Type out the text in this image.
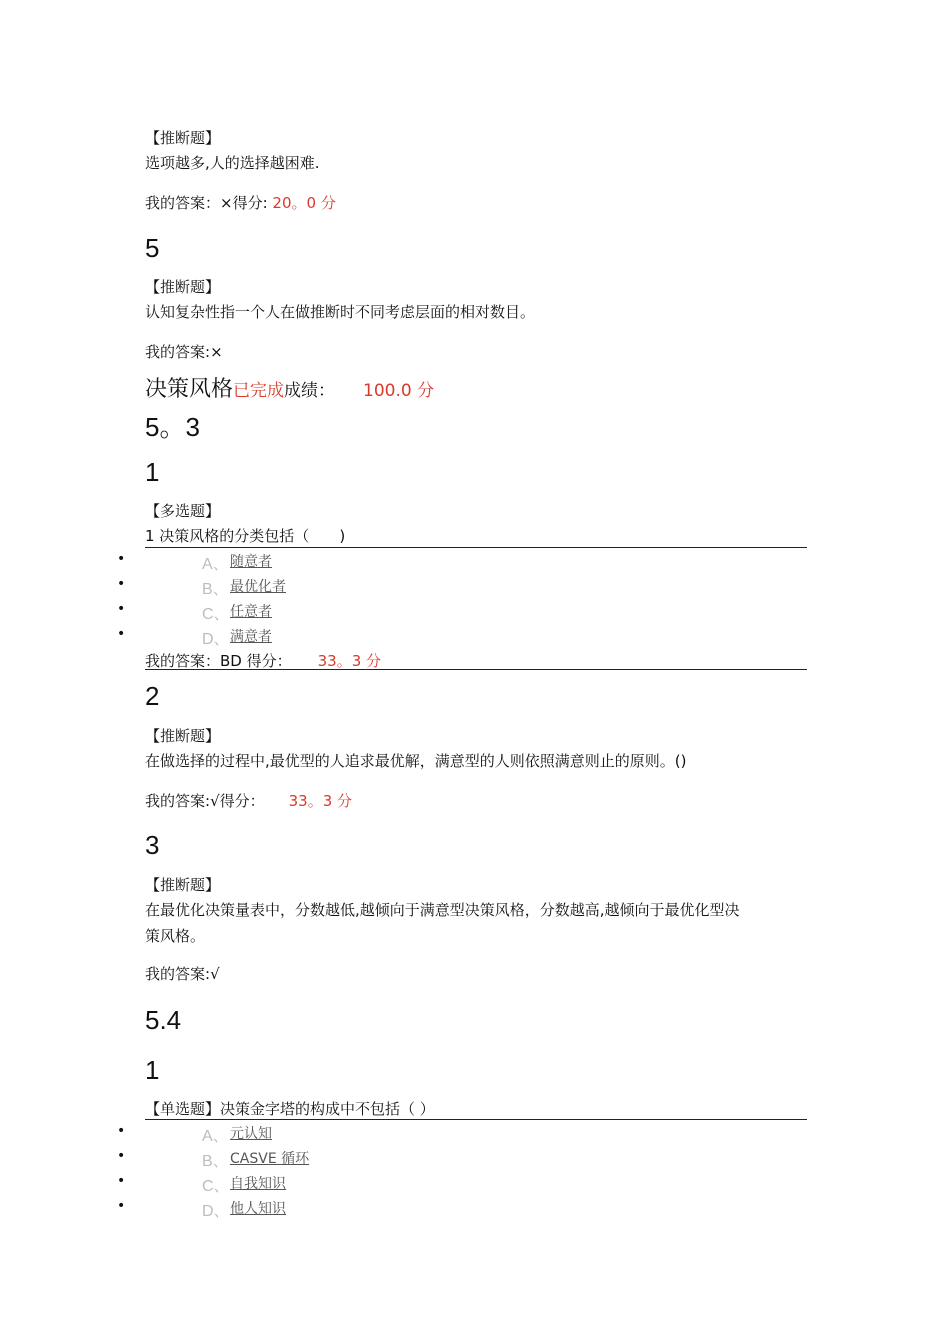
【推断题】
选项越多,人的选择越困难.
我的答案：×得分: 20。0 分
5
【推断题】
认知复杂性指一个人在做推断时不同考虑层面的相对数目。
我的答案:×
决策风格已完成成绩： 100.0 分
5。3
1
【多选题】
1 决策风格的分类包括（　　)
•	A、 随意者
•	B、 最优化者
•	C、 任意者
•	D、 满意者
我的答案：BD 得分： 33。3 分
2
【推断题】
在做选择的过程中,最优型的人追求最优解，满意型的人则依照满意则止的原则。()
我的答案:√得分： 33。3 分
3
【推断题】
在最优化决策量表中，分数越低,越倾向于满意型决策风格，分数越高,越倾向于最优化型决
策风格。
我的答案:√
5.4
1
【单选题】决策金字塔的构成中不包括（ ）
•	A、 元认知
•	B、 CASVE 循环
•	C、 自我知识
•	D、 他人知识
